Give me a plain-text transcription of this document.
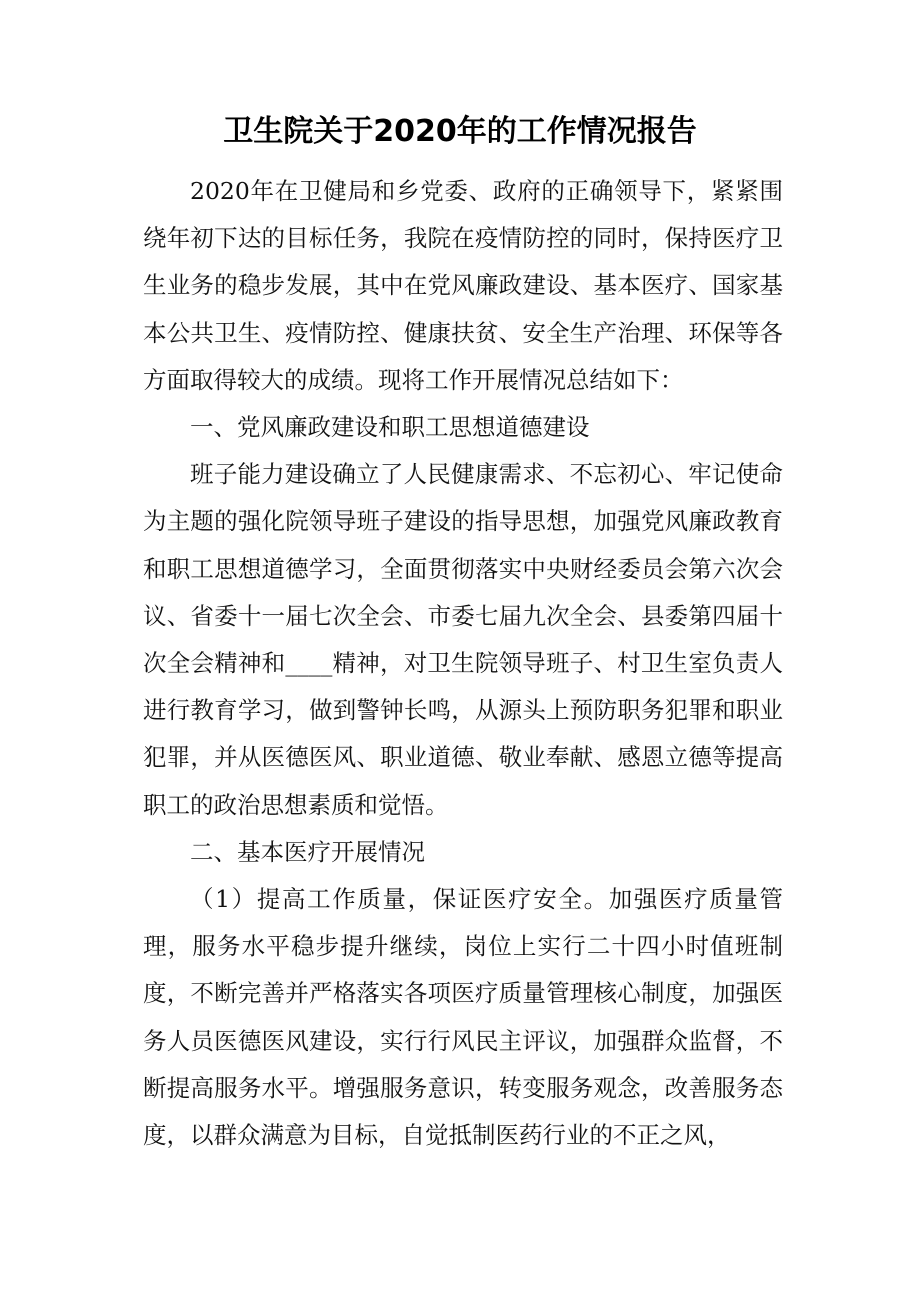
卫生院关于2020年的工作情况报告

2020年在卫健局和乡党委、政府的正确领导下，紧紧围绕年初下达的目标任务，我院在疫情防控的同时，保持医疗卫生业务的稳步发展，其中在党风廉政建设、基本医疗、国家基本公共卫生、疫情防控、健康扶贫、安全生产治理、环保等各方面取得较大的成绩。现将工作开展情况总结如下：

一、党风廉政建设和职工思想道德建设

班子能力建设确立了人民健康需求、不忘初心、牢记使命为主题的强化院领导班子建设的指导思想，加强党风廉政教育和职工思想道德学习，全面贯彻落实中央财经委员会第六次会议、省委十一届七次全会、市委七届九次全会、县委第四届十次全会精神和____精神，对卫生院领导班子、村卫生室负责人进行教育学习，做到警钟长鸣，从源头上预防职务犯罪和职业犯罪，并从医德医风、职业道德、敬业奉献、感恩立德等提高职工的政治思想素质和觉悟。

二、基本医疗开展情况

（1）提高工作质量，保证医疗安全。加强医疗质量管理，服务水平稳步提升继续，岗位上实行二十四小时值班制度，不断完善并严格落实各项医疗质量管理核心制度，加强医务人员医德医风建设，实行行风民主评议，加强群众监督，不断提高服务水平。增强服务意识，转变服务观念，改善服务态度，以群众满意为目标，自觉抵制医药行业的不正之风，
